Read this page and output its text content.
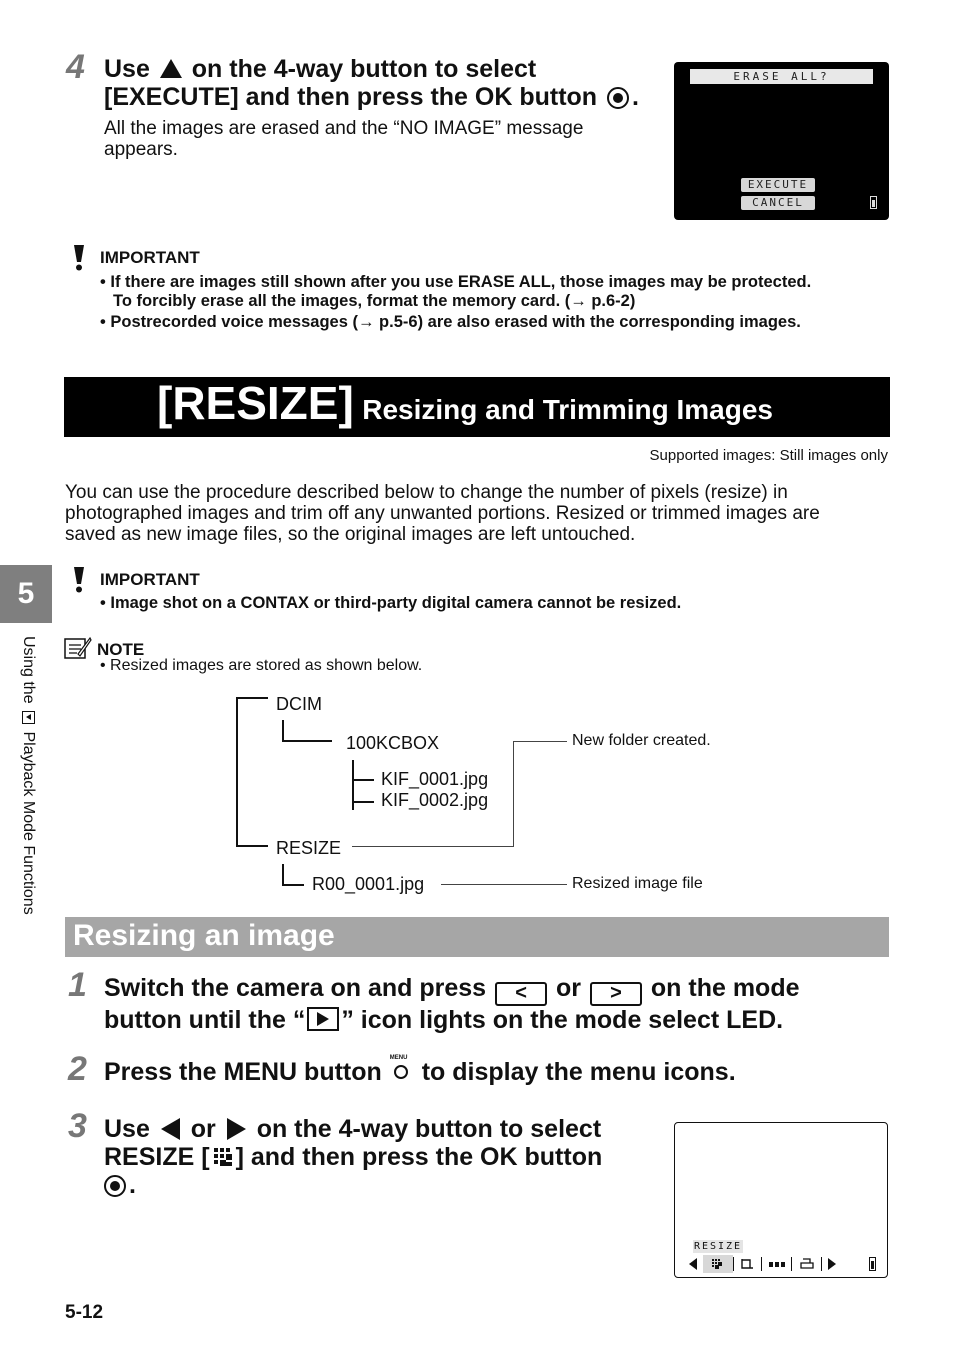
4 Use on the 4-way button to select
[EXECUTE] and then press the OK button .
All the images are erased and the “NO IMAGE” message
appears.
ERASE ALL?
EXECUTE
CANCEL
IMPORTANT
• If there are images still shown after you use ERASE ALL, those images may be protected.
To forcibly erase all the images, format the memory card. (→ p.6-2)
• Postrecorded voice messages (→ p.5-6) are also erased with the corresponding images.
[RESIZE] Resizing and Trimming Images
Supported images: Still images only
You can use the procedure described below to change the number of pixels (resize) in
photographed images and trim off any unwanted portions. Resized or trimmed images are
saved as new image files, so the original images are left untouched.
IMPORTANT
• Image shot on a CONTAX or third-party digital camera cannot be resized.
NOTE
• Resized images are stored as shown below.
DCIM
100KCBOX
KIF_0001.jpg
KIF_0002.jpg
RESIZE
R00_0001.jpg
New folder created.
Resized image file
Resizing an image
1 Switch the camera on and press < or > on the mode
button until the “ ” icon lights on the mode select LED.
2 Press the MENU button MENU to display the menu icons.
3 Use or on the 4-way button to select
RESIZE [ ] and then press the OK button
.
RESIZE
5
Using the
Playback Mode Functions
5-12
